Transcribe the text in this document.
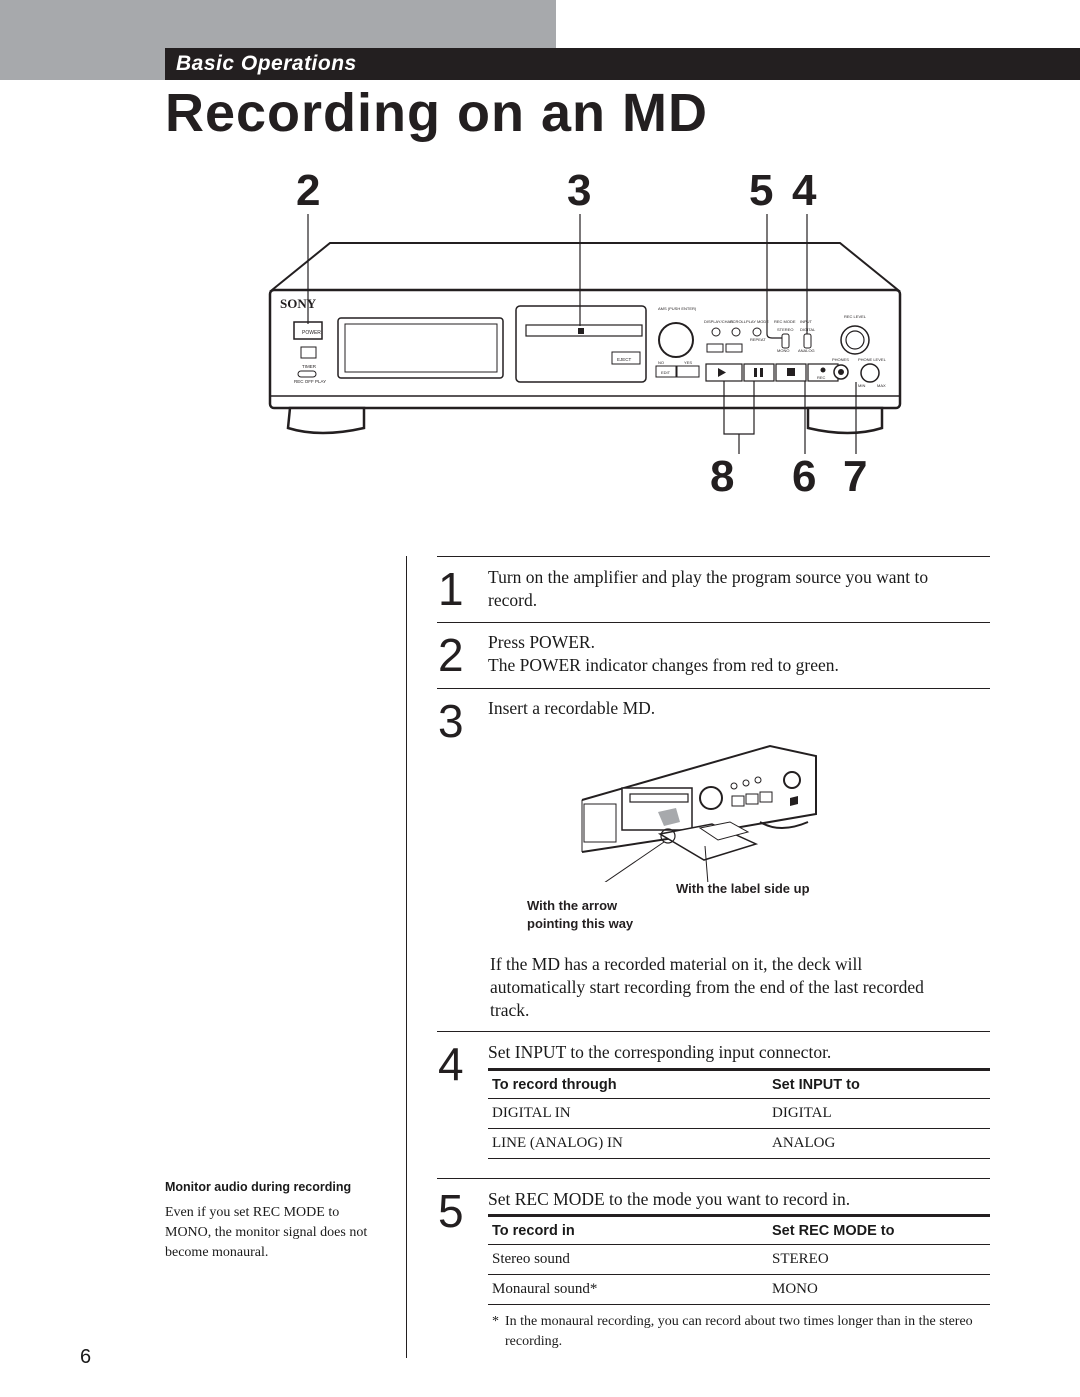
Basic Operations
Recording on an MD
2	3	5 4
8 6 7
SONY
POWER
TIMER
REC OFF PLAY
EJECT
AMS (PUSH ENTER)
NO	YES
EDIT
DISPLAY/CHAR
SCROLL PLAY MODE REC MODE INPUT
REPEAT
STEREO DIGITAL
MONO ANALOG
REC
REC LEVEL
PHONES PHONE LEVEL
MIN	MAX
1 Turn on the amplifier and play the program source you want to
record.
2 Press POWER.
The POWER indicator changes from red to green.
3 Insert a recordable MD.
With the label side up
With the arrow
pointing this way
If the MD has a recorded material on it, the deck will
automatically start recording from the end of the last recorded
track.
4 Set INPUT to the corresponding input connector.
To record through	Set INPUT to
DIGITAL IN	DIGITAL
LINE (ANALOG) IN	ANALOG
5 Set REC MODE to the mode you want to record in.
To record in	Set REC MODE to
Stereo sound	STEREO
Monaural sound*	MONO
* In the monaural recording, you can record about two times longer than in the stereo recording.
Monitor audio during recording
Even if you set REC MODE to MONO, the monitor signal does not become monaural.
6
